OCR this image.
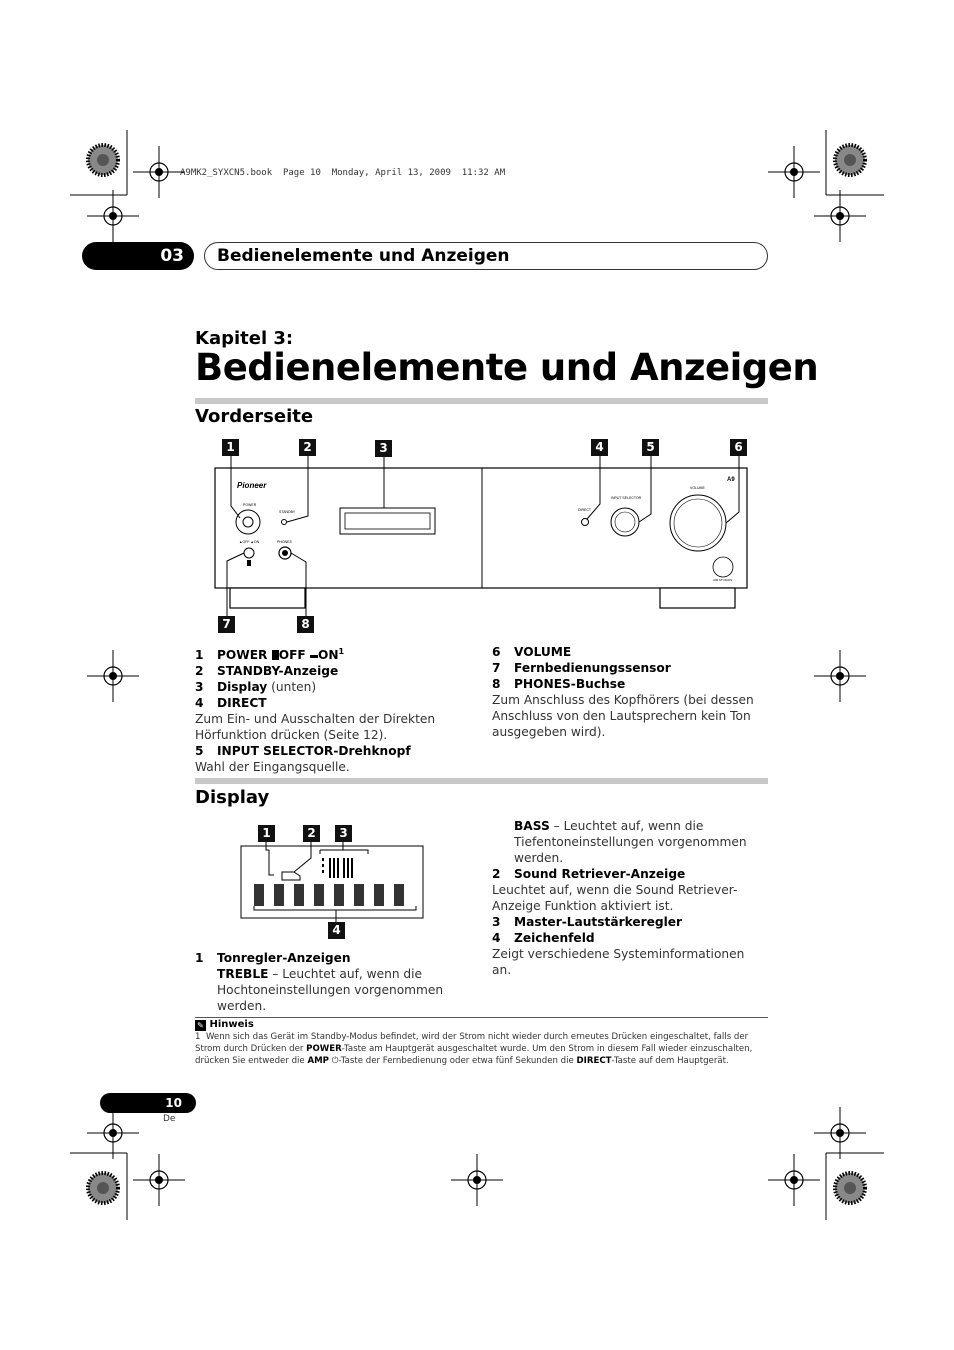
A9MK2_SYXCN5.book  Page 10  Monday, April 13, 2009  11:32 AM
03	Bedienelemente und Anzeigen
Kapitel 3:
Bedienelemente und Anzeigen
Vorderseite
Pioneer
POWER
STANDBY
▲OFF ▲ON	PHONES
DIRECT
INPUT SELECTOR
VOLUME
A9
AIR STUDIOS
1	2	3	4	5	6
7	8
1 POWER OFF $ON^1$
2 STANDBY-Anzeige
3 Display (unten)
4 DIRECT
Zum Ein- und Ausschalten der Direkten Hörfunktion drücken (Seite 12).
5 INPUT SELECTOR-Drehknopf
Wahl der Eingangsquelle.
6 VOLUME
7 Fernbedienungssensor
8 PHONES-Buchse
Zum Anschluss des Kopfhörers (bei dessen Anschluss von den Lautsprechern kein Ton ausgegeben wird).
Display
1	2	3
4
1 Tonregler-Anzeigen
TREBLE – Leuchtet auf, wenn die Hochtoneinstellungen vorgenommen werden.
BASS – Leuchtet auf, wenn die Tiefentoneinstellungen vorgenommen werden.
2 Sound Retriever-Anzeige
Leuchtet auf, wenn die Sound Retriever-Anzeige Funktion aktiviert ist.
3 Master-Lautstärkeregler
4 Zeichenfeld
Zeigt verschiedene Systeminformationen an.
✎ Hinweis
1 Wenn sich das Gerät im Standby-Modus befindet, wird der Strom nicht wieder durch erneutes Drücken eingeschaltet, falls der Strom durch Drücken der POWER-Taste am Hauptgerät ausgeschaltet wurde. Um den Strom in diesem Fall wieder einzuschalten, drücken Sie entweder die AMP ⏻-Taste der Fernbedienung oder etwa fünf Sekunden die DIRECT-Taste auf dem Hauptgerät.
10
De
